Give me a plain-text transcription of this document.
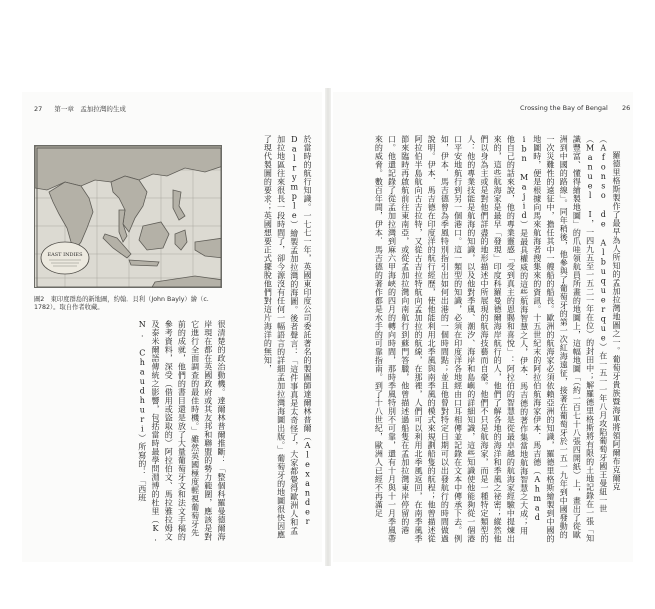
27 第一章　孟加拉灣的生成	Crossing the Bay of Bengal 26
EAST INDIES
圖2　東印度群島的新地圖，約翰．貝利（John Bayly）繪（c. 1782）。取自作者收藏。	於當時的航行知識。一七七一年，英國東印度公司委託著名的製圖師達爾林普爾（Alexander Dalrymple）繪製孟加拉灣的海圖。後者聲言：「這件事真是太奇怪了，大家都覺得歐洲人和孟加拉地區往來很長一段時間了，卻今源沒有任何一幅語言的詳細孟加拉灣海圖出版。」葡萄牙的地圖很快因應了現代製圖的要求；英國想要正式擺脫他們對這片海洋的無知，

很清楚的政治動機。達爾林普爾推斷：「整個科羅曼德爾海岸現在都在英國政府或其友邦和聯盟的勢力範圍，應該是對它進行全面調查的最佳時機。」雖然英國極度輕視葡萄牙先前的成就，他們的書目還是放了大量葡萄牙文和法文手稿的參考資料，深受（借用或盜取的）阿拉伯文、馬拉雅拉姆文及泰米爾語傳統之影響，包括當時最學問淵博的杜里（K. N. Chaudhuri）所寫的：「西班	羅德里格斯製作了最早為人所知的孟加拉灣地圖之一。葡萄牙貴族暨海軍將領阿爾布克爾克（Afonso de Albuquerque）在一五一一年八月攻陷葡萄牙國王曼紐一世（Manuel I，一四九五至一五二一年在位）的封田中；解羅德里格斯將有限的土地記錄在一張「知識豐富、懂得繪製地圖」的爪哇領航員所畫的地圖上，這幅地圖「（約一百七十八張四開紙）上，畫出了從歐洲到中國的路線」。同年稍後，他參與了葡萄牙的第一次紅海遠征，接著在葡萄牙於一五一九年到中國發動的一次災難性的遠征中，擔任其中一艘船的船長。歐洲的航海家必須依賴亞洲的知識，羅德里格斯繪製到中國的地圖時，便是根據向馬來航海者搜集來的資訊。十五世紀末的阿拉伯航海家伊本．馬吉德（Ahmad ibn Majid）是最具權威的這些航海智慧之人，伊本．馬吉德的著作集當地航海智慧之大成；用他自己的話來說，他的專業靈感「受到真主的恩賜和喜悅」：阿拉伯的智慧是從最卓越的航海家經驗中提煉出來的，這些航海家是最早「發現」印度科羅曼德爾海岸航行的人，他們了解各地的海洋和季風之祕密；縱然他們以身為主或是對他們詳盡的地形描述中所展現的航海技藝而自豪。他們不只是航海家，而是一種特定類型的人：他的專業技能是航海的知識，以及他對季風、潮汐、海岸和島嶼的詳細知識，這些知識使他能夠從一個港口平安地航行到另一個港口。這一類型的知識，必須在印度洋各地經由口耳相傳並記錄在文本中傳承下去。例如，伊本．馬吉德曾為季風特別指引出如何出港的一個時間點；並且他曾對特定日期可以出發航行的時間做過說明。伊本．馬吉德在印度洋的航行經歷，使他能利用北季風與南季風的模式來規劃船隻的航程；他曾描述從阿拉伯半島航向古吉拉特，又從古吉拉特航向孟加拉的航線，在那裡，人們可以利用北季風返回，在南季風季節來臨時再啟航前往東南亞，或從孟加拉灣向南航行到蘇門答臘，他曾描述過船隻在孟加拉灣東岸停留的港口。他還記錄了從孟加拉灣到麻六甲海峽的四月的轉向時間，那時季風特別不可靠，還有十月與十一月季風帶來的威脅。數百年間，伊本．馬吉德的著作都是水手的可靠指南。到了十八世紀，歐洲人已經不再滿足
